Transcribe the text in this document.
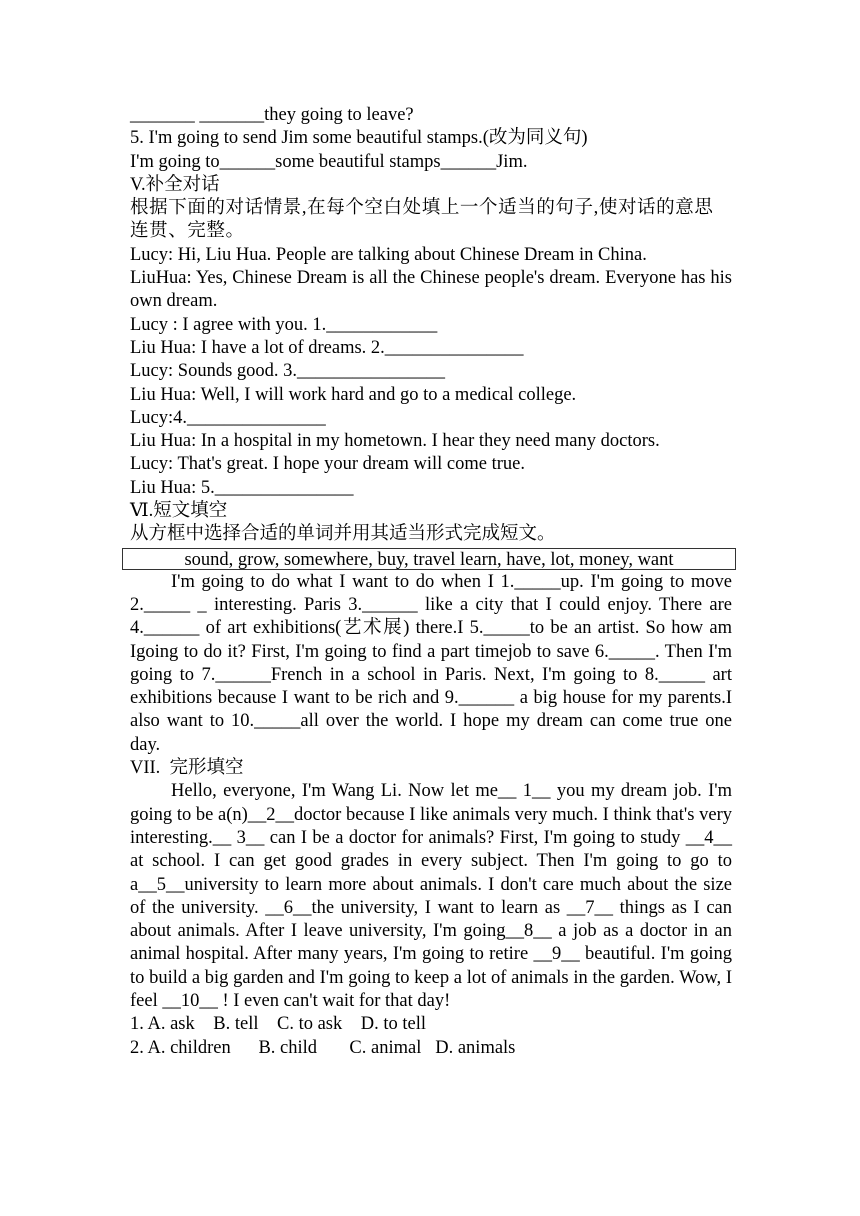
_______ _______they going to leave?
5. I'm going to send Jim some beautiful stamps.(改为同义句)
I'm going to______some beautiful stamps______Jim.
V.补全对话
根据下面的对话情景,在每个空白处填上一个适当的句子,使对话的意思连贯、完整。
Lucy: Hi, Liu Hua. People are talking about Chinese Dream in China.
LiuHua: Yes, Chinese Dream is all the Chinese people's dream. Everyone has his own dream.
Lucy : I agree with you. 1.____________
Liu Hua: I have a lot of dreams. 2._______________
Lucy: Sounds good. 3.________________
Liu Hua: Well, I will work hard and go to a medical college.
Lucy:4._______________
Liu Hua: In a hospital in my hometown. I hear they need many doctors.
Lucy: That's great. I hope your dream will come true.
Liu Hua: 5._______________
Ⅵ.短文填空
从方框中选择合适的单词并用其适当形式完成短文。
sound, grow, somewhere, buy, travel learn, have, lot, money, want
I'm going to do what I want to do when I 1._____up. I'm going to move 2._____ _ interesting. Paris 3.______ like a city that I could enjoy. There are 4.______ of art exhibitions(艺术展) there.I 5._____to be an artist. So how am Igoing to do it? First, I'm going to find a part timejob to save 6._____. Then I'm going to 7.______French in a school in Paris. Next, I'm going to 8._____ art exhibitions because I want to be rich and 9.______ a big house for my parents.I also want to 10._____all over the world. I hope my dream can come true one day.
VII.  完形填空
Hello, everyone, I'm Wang Li. Now let me__ 1__ you my dream job. I'm going to be a(n)__2__doctor because I like animals very much. I think that's very interesting.__ 3__ can I be a doctor for animals? First, I'm going to study __4__ at school. I can get good grades in every subject. Then I'm going to go to a__5__university to learn more about animals. I don't care much about the size of the university. __6__the university, I want to learn as __7__ things as I can about animals. After I leave university, I'm going__8__ a job as a doctor in an animal hospital. After many years, I'm going to retire __9__ beautiful. I'm going to build a big garden and I'm going to keep a lot of animals in the garden. Wow, I feel __10__ ! I even can't wait for that day!
1. A. ask B. tell C. to ask D. to tell
2. A. children B. child C. animal D. animals
